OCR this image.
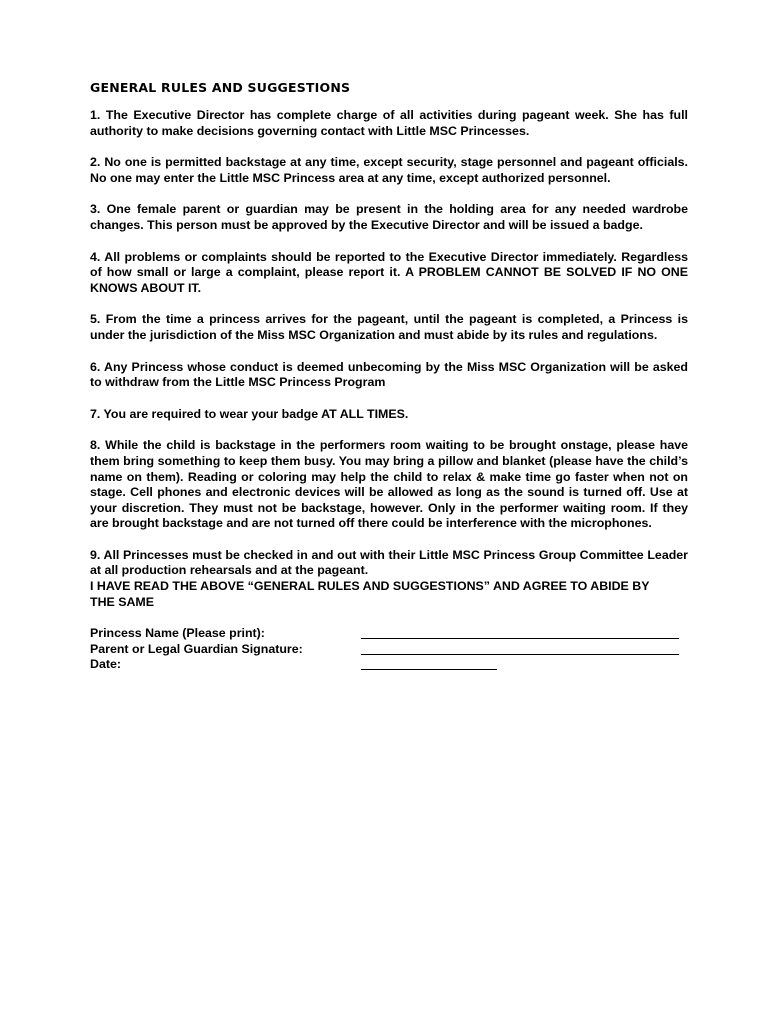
GENERAL RULES AND SUGGESTIONS

1. The Executive Director has complete charge of all activities during pageant week. She has full authority to make decisions governing contact with Little MSC Princesses.

2. No one is permitted backstage at any time, except security, stage personnel and pageant officials. No one may enter the Little MSC Princess area at any time, except authorized personnel.

3. One female parent or guardian may be present in the holding area for any needed wardrobe changes. This person must be approved by the Executive Director and will be issued a badge.

4. All problems or complaints should be reported to the Executive Director immediately. Regardless of how small or large a complaint, please report it. A PROBLEM CANNOT BE SOLVED IF NO ONE KNOWS ABOUT IT.

5. From the time a princess arrives for the pageant, until the pageant is completed, a Princess is under the jurisdiction of the Miss MSC Organization and must abide by its rules and regulations.

6. Any Princess whose conduct is deemed unbecoming by the Miss MSC Organization will be asked to withdraw from the Little MSC Princess Program

7. You are required to wear your badge AT ALL TIMES.

8. While the child is backstage in the performers room waiting to be brought onstage, please have them bring something to keep them busy. You may bring a pillow and blanket (please have the child’s name on them). Reading or coloring may help the child to relax & make time go faster when not on stage. Cell phones and electronic devices will be allowed as long as the sound is turned off. Use at your discretion. They must not be backstage, however. Only in the performer waiting room. If they are brought backstage and are not turned off there could be interference with the microphones.

9. All Princesses must be checked in and out with their Little MSC Princess Group Committee Leader at all production rehearsals and at the pageant.

I HAVE READ THE ABOVE “GENERAL RULES AND SUGGESTIONS” AND AGREE TO ABIDE BY THE SAME

Princess Name (Please print):
Parent or Legal Guardian Signature:
Date:
